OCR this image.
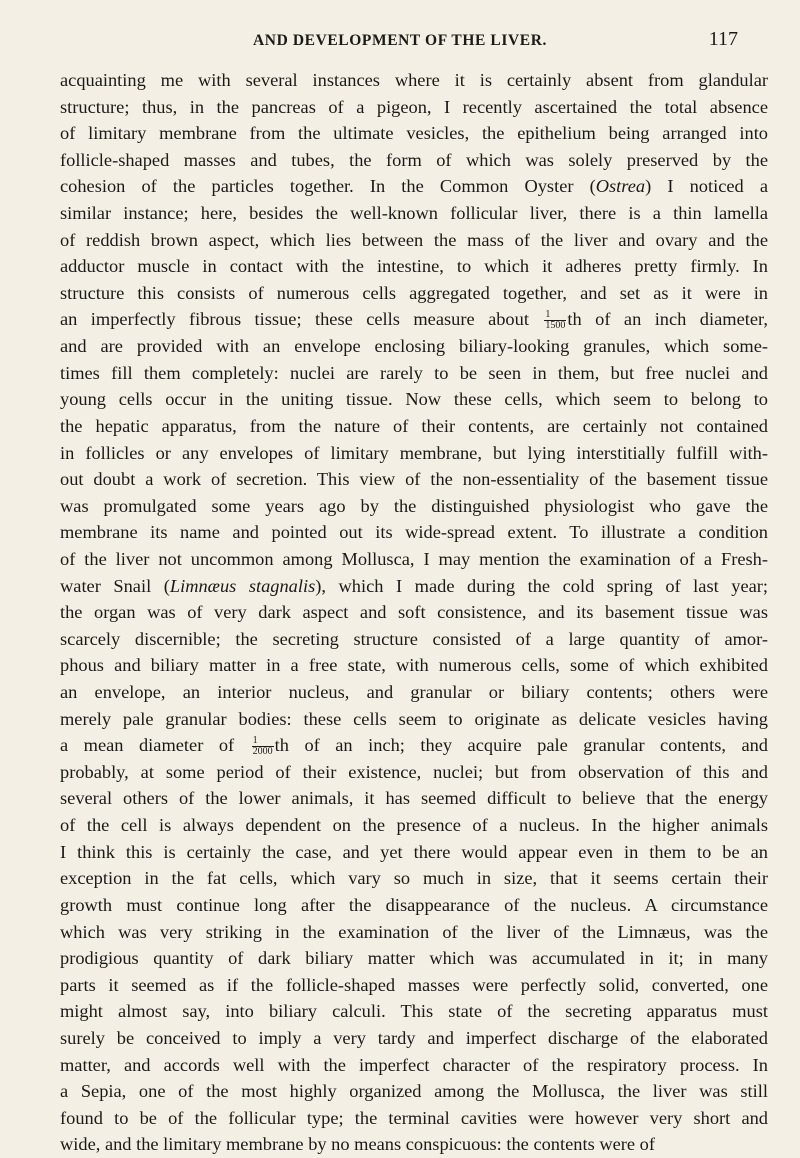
AND DEVELOPMENT OF THE LIVER.	117
acquainting me with several instances where it is certainly absent from glandular
structure; thus, in the pancreas of a pigeon, I recently ascertained the total absence
of limitary membrane from the ultimate vesicles, the epithelium being arranged into
follicle-shaped masses and tubes, the form of which was solely preserved by the
cohesion of the particles together. In the Common Oyster (Ostrea) I noticed a
similar instance; here, besides the well-known follicular liver, there is a thin lamella
of reddish brown aspect, which lies between the mass of the liver and ovary and the
adductor muscle in contact with the intestine, to which it adheres pretty firmly. In
structure this consists of numerous cells aggregated together, and set as it were in
an imperfectly fibrous tissue; these cells measure about $\frac{1}{1500}$ th of an inch diameter,
and are provided with an envelope enclosing biliary-looking granules, which some-
times fill them completely: nuclei are rarely to be seen in them, but free nuclei and
young cells occur in the uniting tissue. Now these cells, which seem to belong to
the hepatic apparatus, from the nature of their contents, are certainly not contained
in follicles or any envelopes of limitary membrane, but lying interstitially fulfill with-
out doubt a work of secretion. This view of the non-essentiality of the basement tissue
was promulgated some years ago by the distinguished physiologist who gave the
membrane its name and pointed out its wide-spread extent. To illustrate a condition
of the liver not uncommon among Mollusca, I may mention the examination of a Fresh-
water Snail (Limnæus stagnalis), which I made during the cold spring of last year;
the organ was of very dark aspect and soft consistence, and its basement tissue was
scarcely discernible; the secreting structure consisted of a large quantity of amor-
phous and biliary matter in a free state, with numerous cells, some of which exhibited
an envelope, an interior nucleus, and granular or biliary contents; others were
merely pale granular bodies: these cells seem to originate as delicate vesicles having
a mean diameter of $\frac{1}{2000}$ th of an inch; they acquire pale granular contents, and
probably, at some period of their existence, nuclei; but from observation of this and
several others of the lower animals, it has seemed difficult to believe that the energy
of the cell is always dependent on the presence of a nucleus. In the higher animals
I think this is certainly the case, and yet there would appear even in them to be an
exception in the fat cells, which vary so much in size, that it seems certain their
growth must continue long after the disappearance of the nucleus. A circumstance
which was very striking in the examination of the liver of the Limnæus, was the
prodigious quantity of dark biliary matter which was accumulated in it; in many
parts it seemed as if the follicle-shaped masses were perfectly solid, converted, one
might almost say, into biliary calculi. This state of the secreting apparatus must
surely be conceived to imply a very tardy and imperfect discharge of the elaborated
matter, and accords well with the imperfect character of the respiratory process. In
a Sepia, one of the most highly organized among the Mollusca, the liver was still
found to be of the follicular type; the terminal cavities were however very short and
wide, and the limitary membrane by no means conspicuous: the contents were of
